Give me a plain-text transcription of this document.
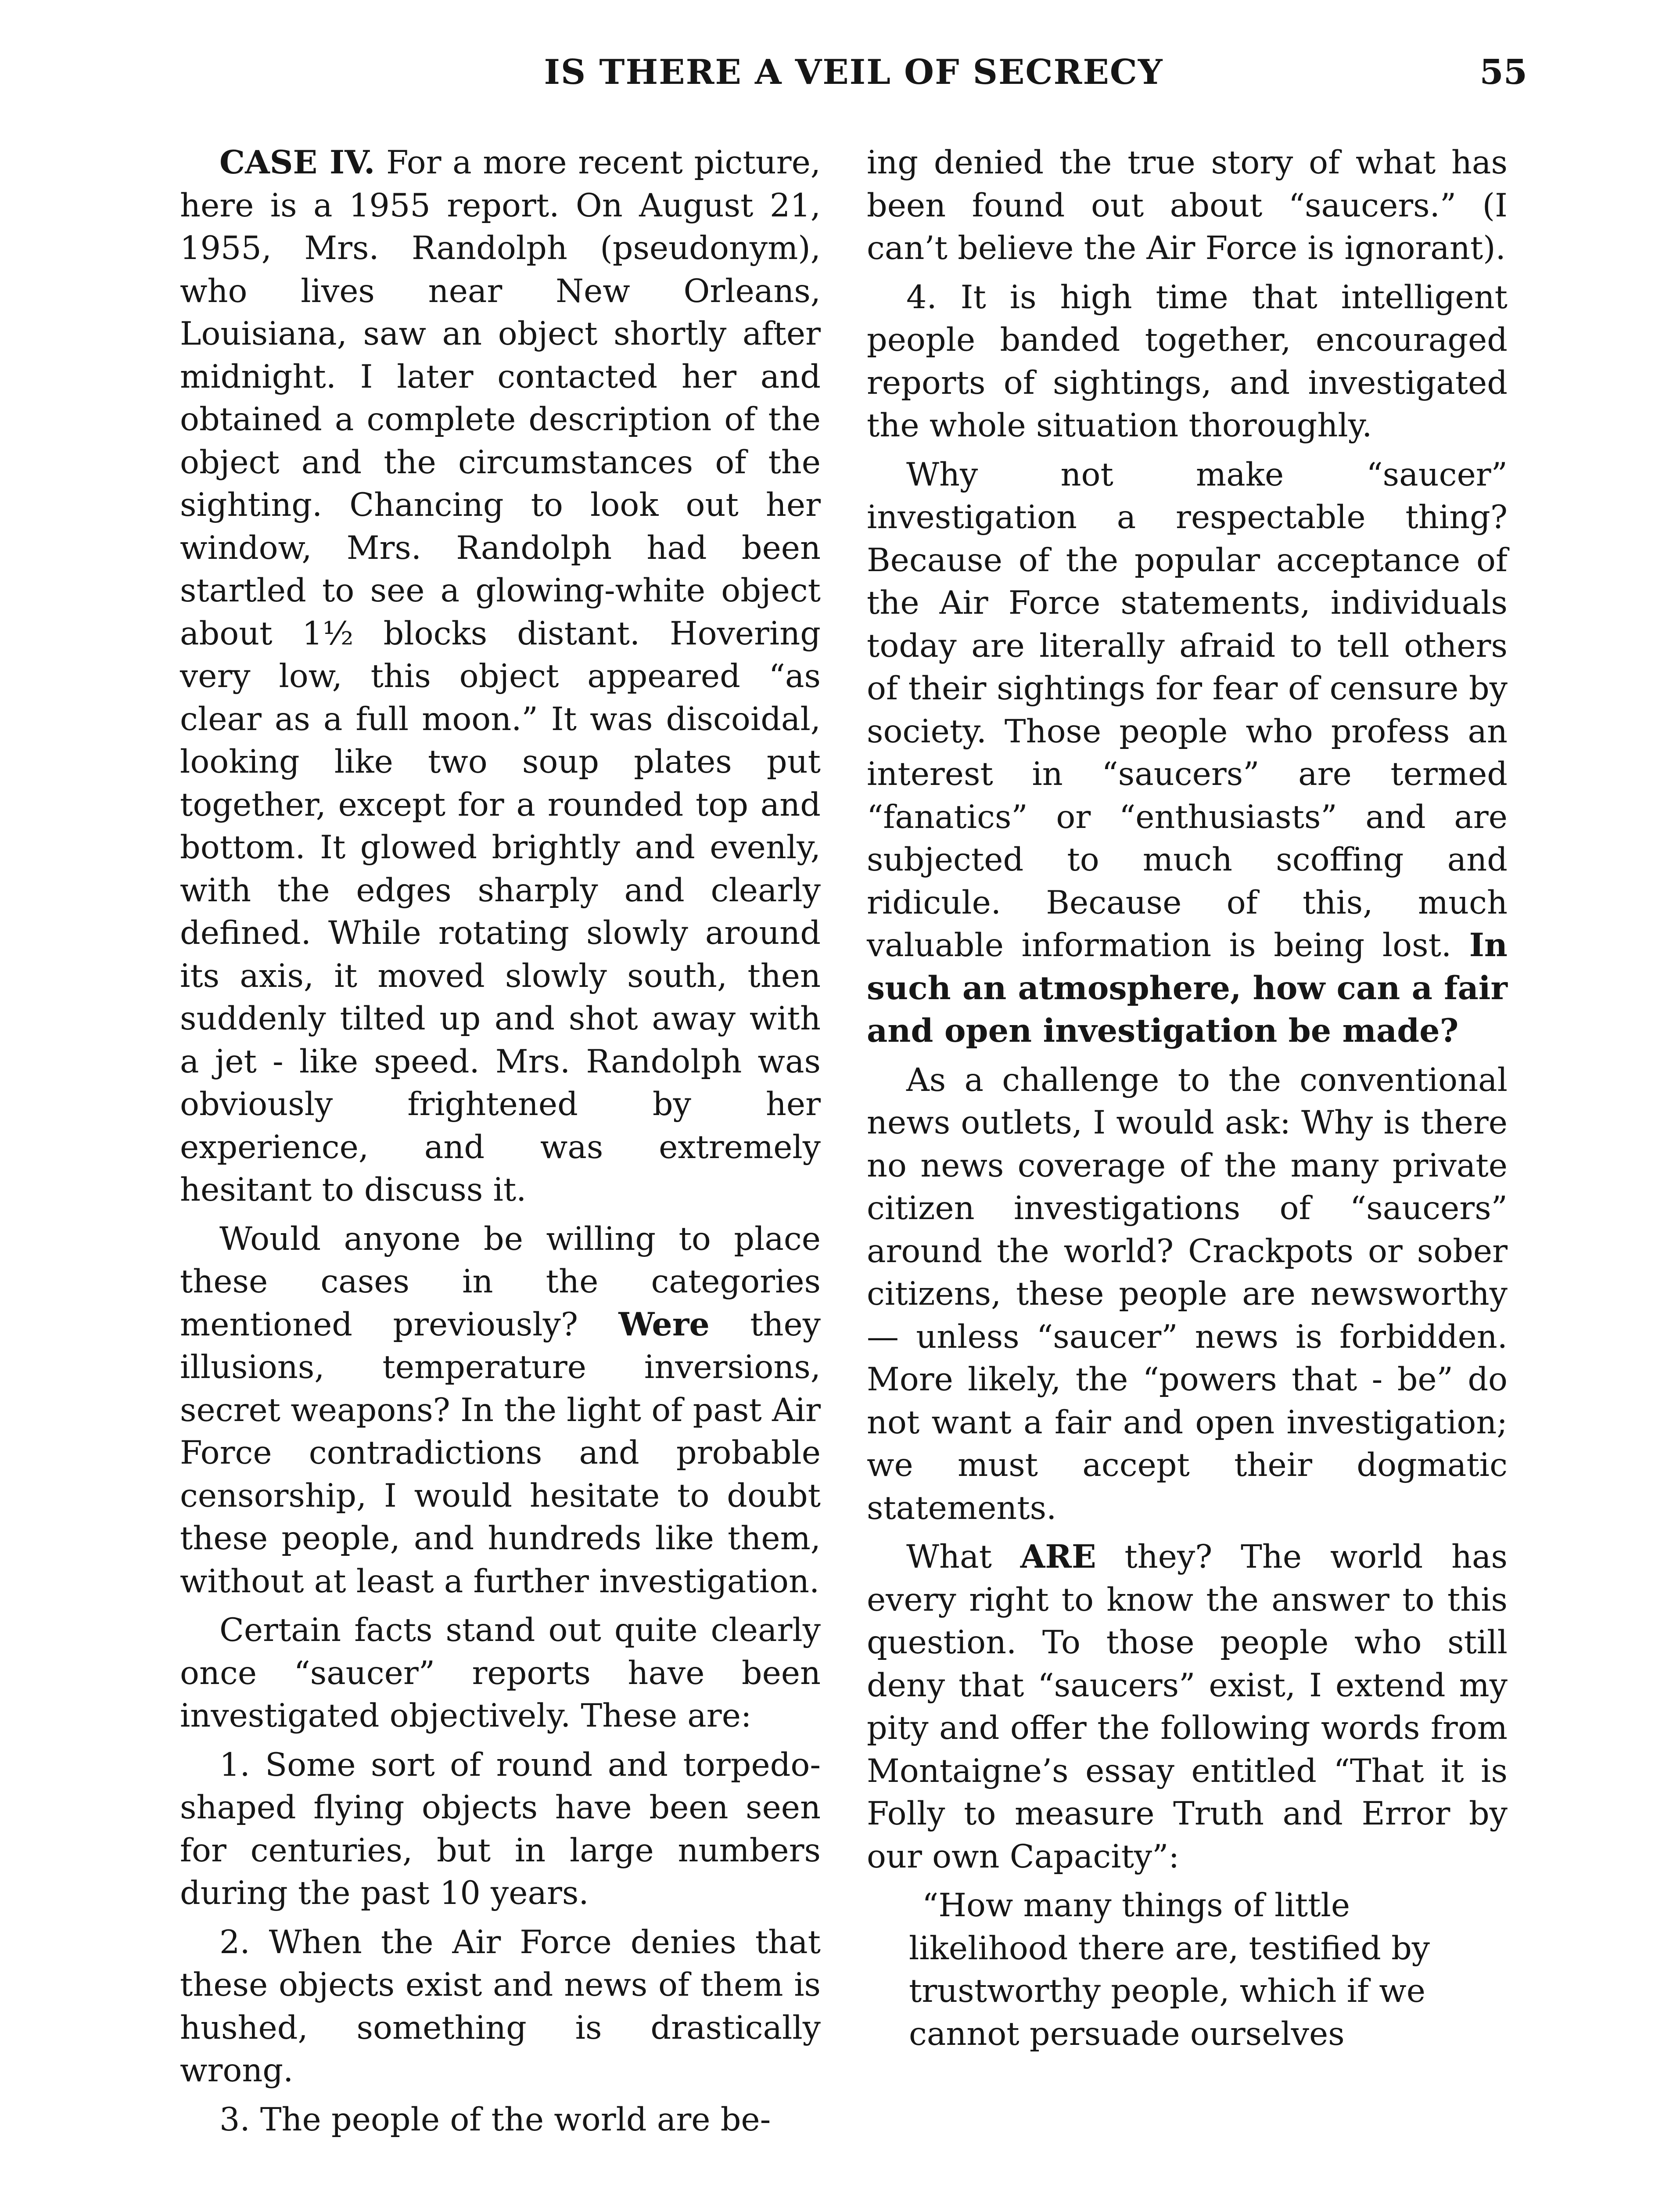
IS THERE A VEIL OF SECRECY	55

CASE IV. For a more recent picture, here is a 1955 report. On August 21, 1955, Mrs. Randolph (pseudonym), who lives near New Orleans, Louisiana, saw an object shortly after midnight. I later contacted her and obtained a complete description of the object and the circumstances of the sighting. Chancing to look out her window, Mrs. Randolph had been startled to see a glowing-white object about 1½ blocks distant. Hovering very low, this object appeared “as clear as a full moon.” It was discoidal, looking like two soup plates put together, except for a rounded top and bottom. It glowed brightly and evenly, with the edges sharply and clearly defined. While rotating slowly around its axis, it moved slowly south, then suddenly tilted up and shot away with a jet - like speed. Mrs. Randolph was obviously frightened by her experience, and was extremely hesitant to discuss it.

Would anyone be willing to place these cases in the categories mentioned previously? Were they illusions, temperature inversions, secret weapons? In the light of past Air Force contradictions and probable censorship, I would hesitate to doubt these people, and hundreds like them, without at least a further investigation.

Certain facts stand out quite clearly once “saucer” reports have been investigated objectively. These are:

1. Some sort of round and torpedo-shaped flying objects have been seen for centuries, but in large numbers during the past 10 years.

2. When the Air Force denies that these objects exist and news of them is hushed, something is drastically wrong.

3. The people of the world are be-

ing denied the true story of what has been found out about “saucers.” (I can’t believe the Air Force is ignorant).

4. It is high time that intelligent people banded together, encouraged reports of sightings, and investigated the whole situation thoroughly.

Why not make “saucer” investigation a respectable thing? Because of the popular acceptance of the Air Force statements, individuals today are literally afraid to tell others of their sightings for fear of censure by society. Those people who profess an interest in “saucers” are termed “fanatics” or “enthusiasts” and are subjected to much scoffing and ridicule. Because of this, much valuable information is being lost. In such an atmosphere, how can a fair and open investigation be made?

As a challenge to the conventional news outlets, I would ask: Why is there no news coverage of the many private citizen investigations of “saucers” around the world? Crackpots or sober citizens, these people are newsworthy — unless “saucer” news is forbidden. More likely, the “powers that - be” do not want a fair and open investigation; we must accept their dogmatic statements.

What ARE they? The world has every right to know the answer to this question. To those people who still deny that “saucers” exist, I extend my pity and offer the following words from Montaigne’s essay entitled “That it is Folly to measure Truth and Error by our own Capacity”:

“How many things of little likelihood there are, testified by trustworthy people, which if we cannot persuade ourselves
